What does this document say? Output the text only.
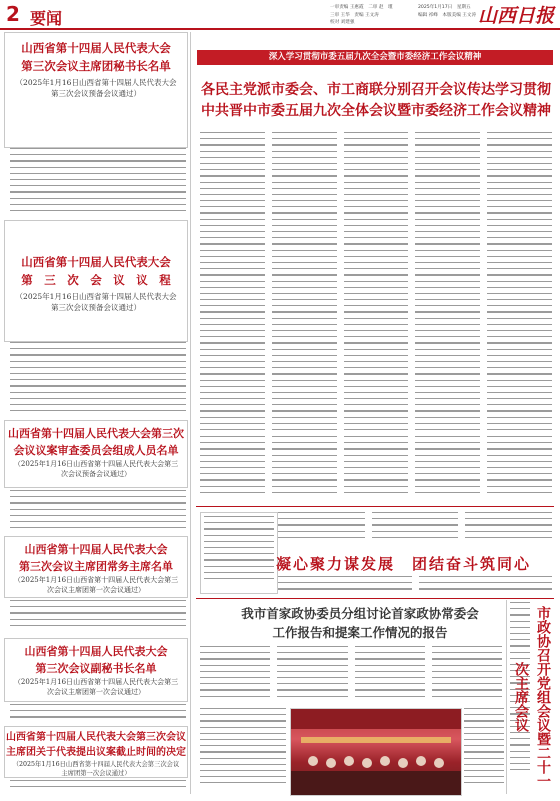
2 要闻
一审责编 王惠霞　二审 赵　瑾	2025年1月17日　星期五
三审 王华　责编 王文涛	编辑 祁峰　本版美编 王文涛
校对 刘建强	山西日报
山西省第十四届人民代表大会
第三次会议主席团秘书长名单
（2025年1月16日山西省第十四届人民代表大会第三次会议预备会议通过）
山西省第十四届人民代表大会
第　三　次　会　议　议　程
（2025年1月16日山西省第十四届人民代表大会第三次会议预备会议通过）
山西省第十四届人民代表大会第三次
会议议案审查委员会组成人员名单
（2025年1月16日山西省第十四届人民代表大会第三次会议预备会议通过）
山西省第十四届人民代表大会
第三次会议主席团常务主席名单
（2025年1月16日山西省第十四届人民代表大会第三次会议主席团第一次会议通过）
山西省第十四届人民代表大会
第三次会议副秘书长名单
（2025年1月16日山西省第十四届人民代表大会第三次会议主席团第一次会议通过）
山西省第十四届人民代表大会第三次会议
主席团关于代表提出议案截止时间的决定
（2025年1月16日山西省第十四届人民代表大会第三次会议主席团第一次会议通过）
深入学习贯彻市委五届九次全会暨市委经济工作会议精神
各民主党派市委会、市工商联分别召开会议传达学习贯彻
中共晋中市委五届九次全体会议暨市委经济工作会议精神
凝心聚力谋发展　团结奋斗筑同心
我市首家政协委员分组讨论首家政协常委会
工作报告和提案工作情况的报告	市政协召开党组会议暨二十一次主席会议
